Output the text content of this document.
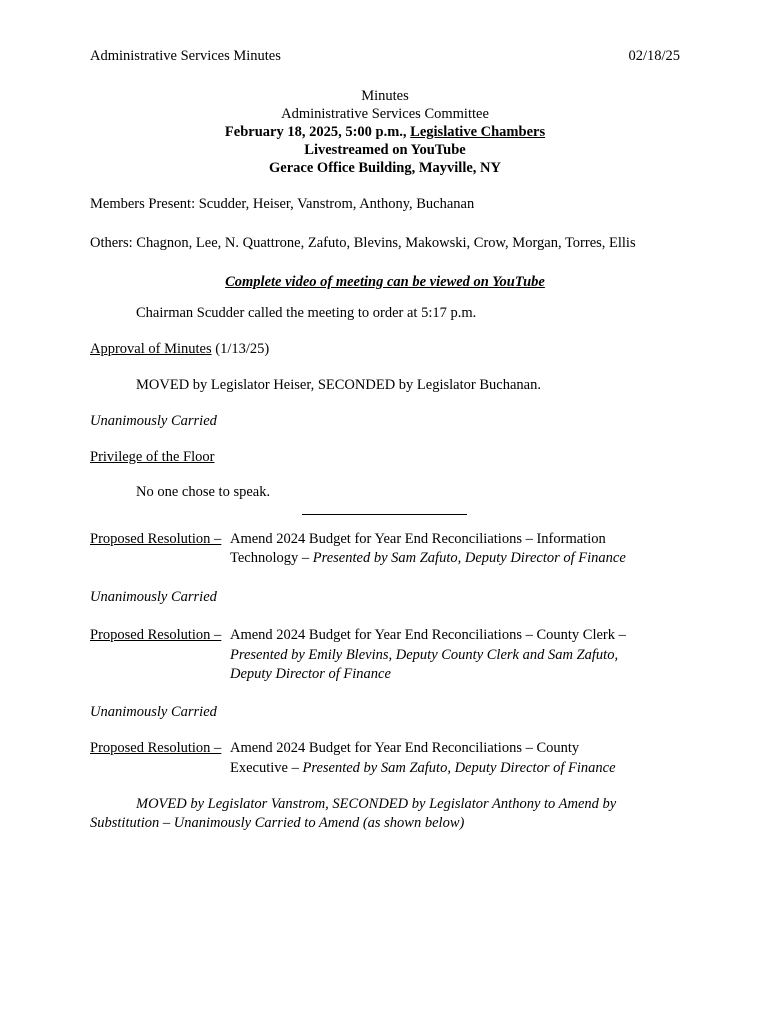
Administrative Services Minutes	02/18/25
Minutes
Administrative Services Committee
February 18, 2025, 5:00 p.m., Legislative Chambers
Livestreamed on YouTube
Gerace Office Building, Mayville, NY
Members Present: Scudder, Heiser, Vanstrom, Anthony, Buchanan
Others: Chagnon, Lee, N. Quattrone, Zafuto, Blevins, Makowski, Crow, Morgan, Torres, Ellis
Complete video of meeting can be viewed on YouTube
Chairman Scudder called the meeting to order at 5:17 p.m.
Approval of Minutes (1/13/25)
MOVED by Legislator Heiser, SECONDED by Legislator Buchanan.
Unanimously Carried
Privilege of the Floor
No one chose to speak.
Proposed Resolution – Amend 2024 Budget for Year End Reconciliations – Information
Technology – Presented by Sam Zafuto, Deputy Director of Finance
Unanimously Carried
Proposed Resolution – Amend 2024 Budget for Year End Reconciliations – County Clerk –
Presented by Emily Blevins, Deputy County Clerk and Sam Zafuto,
Deputy Director of Finance
Unanimously Carried
Proposed Resolution – Amend 2024 Budget for Year End Reconciliations – County
Executive – Presented by Sam Zafuto, Deputy Director of Finance
MOVED by Legislator Vanstrom, SECONDED by Legislator Anthony to Amend by
Substitution – Unanimously Carried to Amend (as shown below)
